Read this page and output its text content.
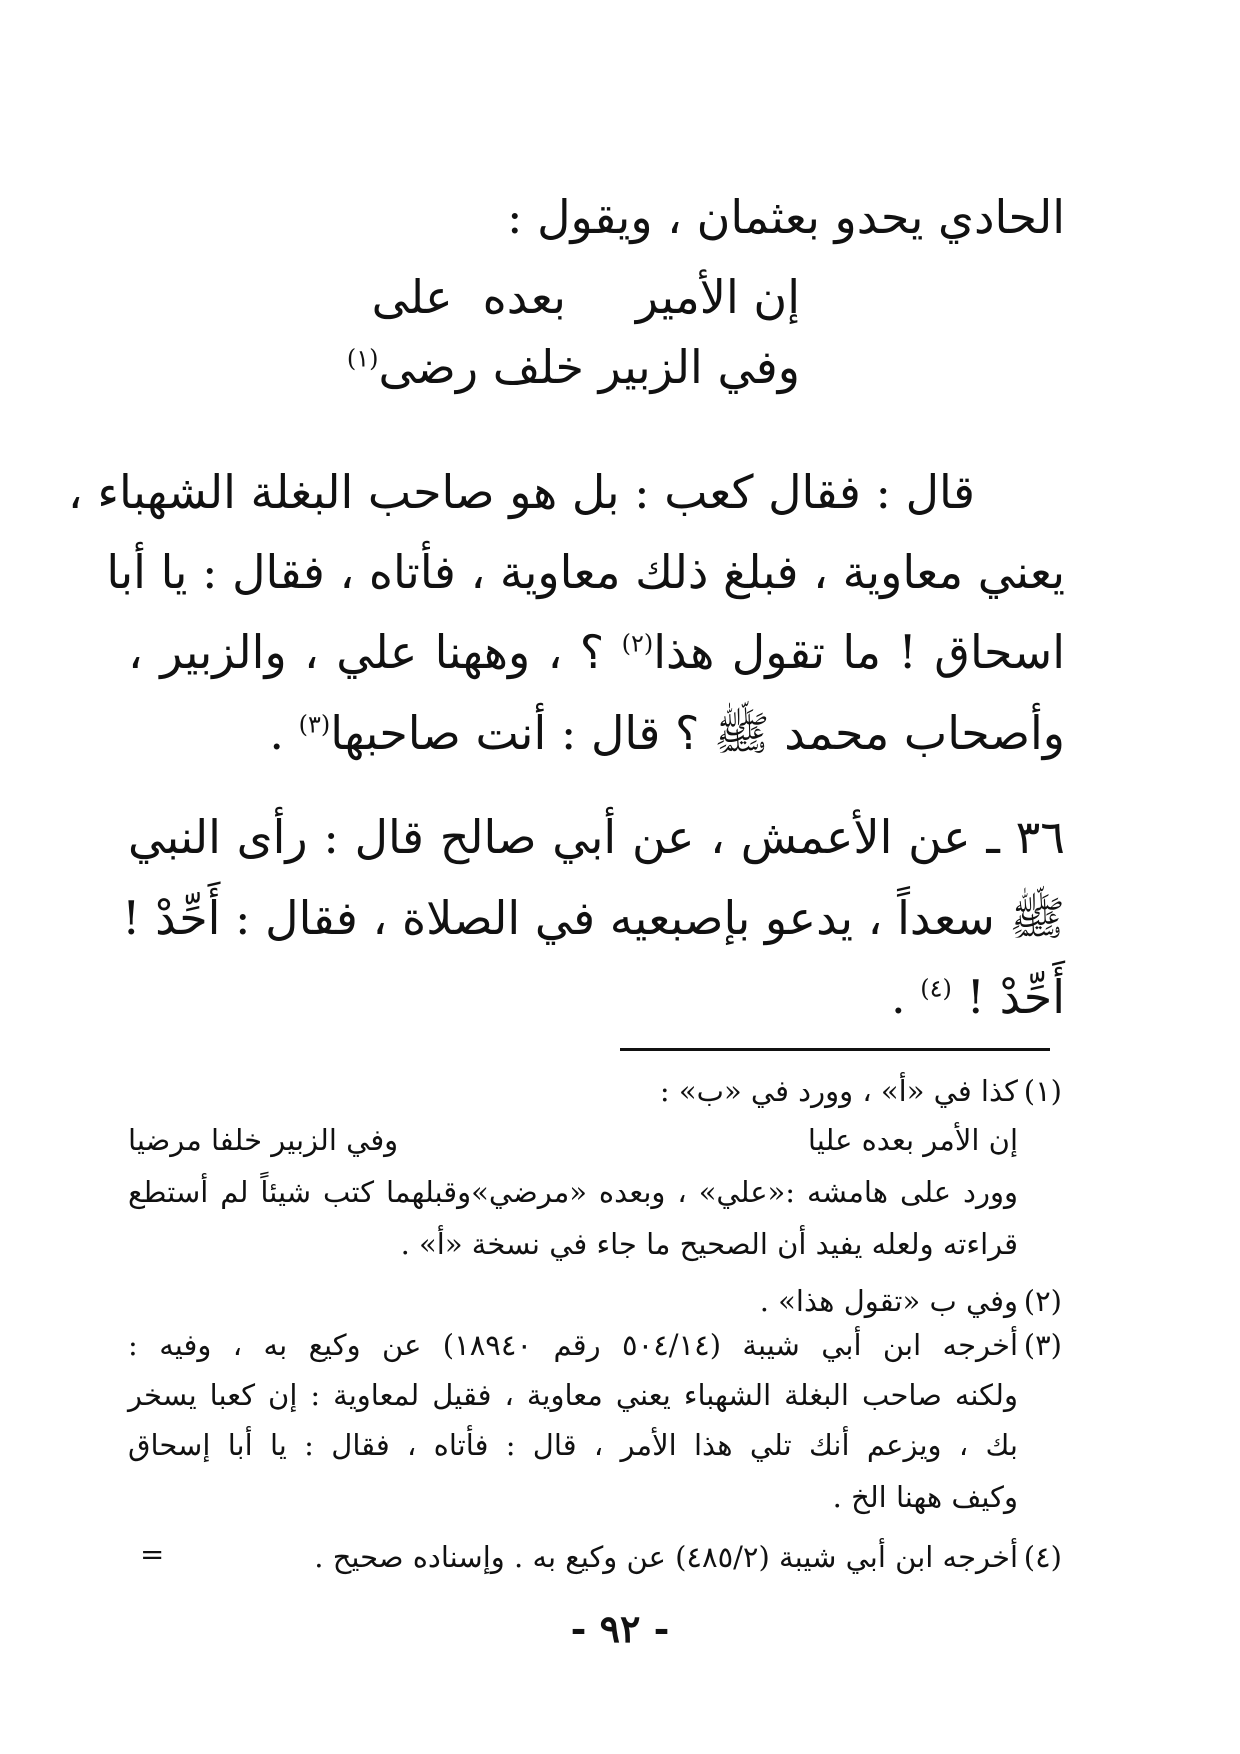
الحادي يحدو بعثمان ، ويقول :

إن الأميربعدهعلى

وفي الزبير خلف رضى$^{(١)}$

قال : فقال كعب : بل هو صاحب البغلة الشهباء ،

يعني معاوية ، فبلغ ذلك معاوية ، فأتاه ، فقال : يا أبا

اسحاق ! ما تقول هذا$^{(٢)}$ ؟ ، وههنا علي ، والزبير ،

وأصحاب محمد ﷺ ؟ قال : أنت صاحبها$^{(٣)}$ .

٣٦ ـ عن الأعمش ، عن أبي صالح قال : رأى النبي

ﷺ سعداً ، يدعو بإصبعيه في الصلاة ، فقال : أَحِّدْ !

أَحِّدْ ! $^{(٤)}$ .

(١)

كذا في «أ» ، وورد في «ب» :

إن الأمر بعده عليا
وفي الزبير خلفا مرضيا

وورد على هامشه :«علي» ، وبعده «مرضي»وقبلهما كتب شيئاً لم أستطع

قراءته ولعله يفيد أن الصحيح ما جاء في نسخة «أ» .

(٢)

وفي ب «تقول هذا» .

(٣)

أخرجه ابن أبي شيبة (٥٠٤/١٤ رقم ١٨٩٤٠) عن وكيع به ، وفيه :

ولكنه صاحب البغلة الشهباء يعني معاوية ، فقيل لمعاوية : إن كعبا يسخر

بك ، ويزعم أنك تلي هذا الأمر ، قال : فأتاه ، فقال : يا أبا إسحاق

وكيف ههنا الخ .

(٤)

أخرجه ابن أبي شيبة (٤٨٥/٢) عن وكيع به . وإسناده صحيح .

=
- ٩٢ -
